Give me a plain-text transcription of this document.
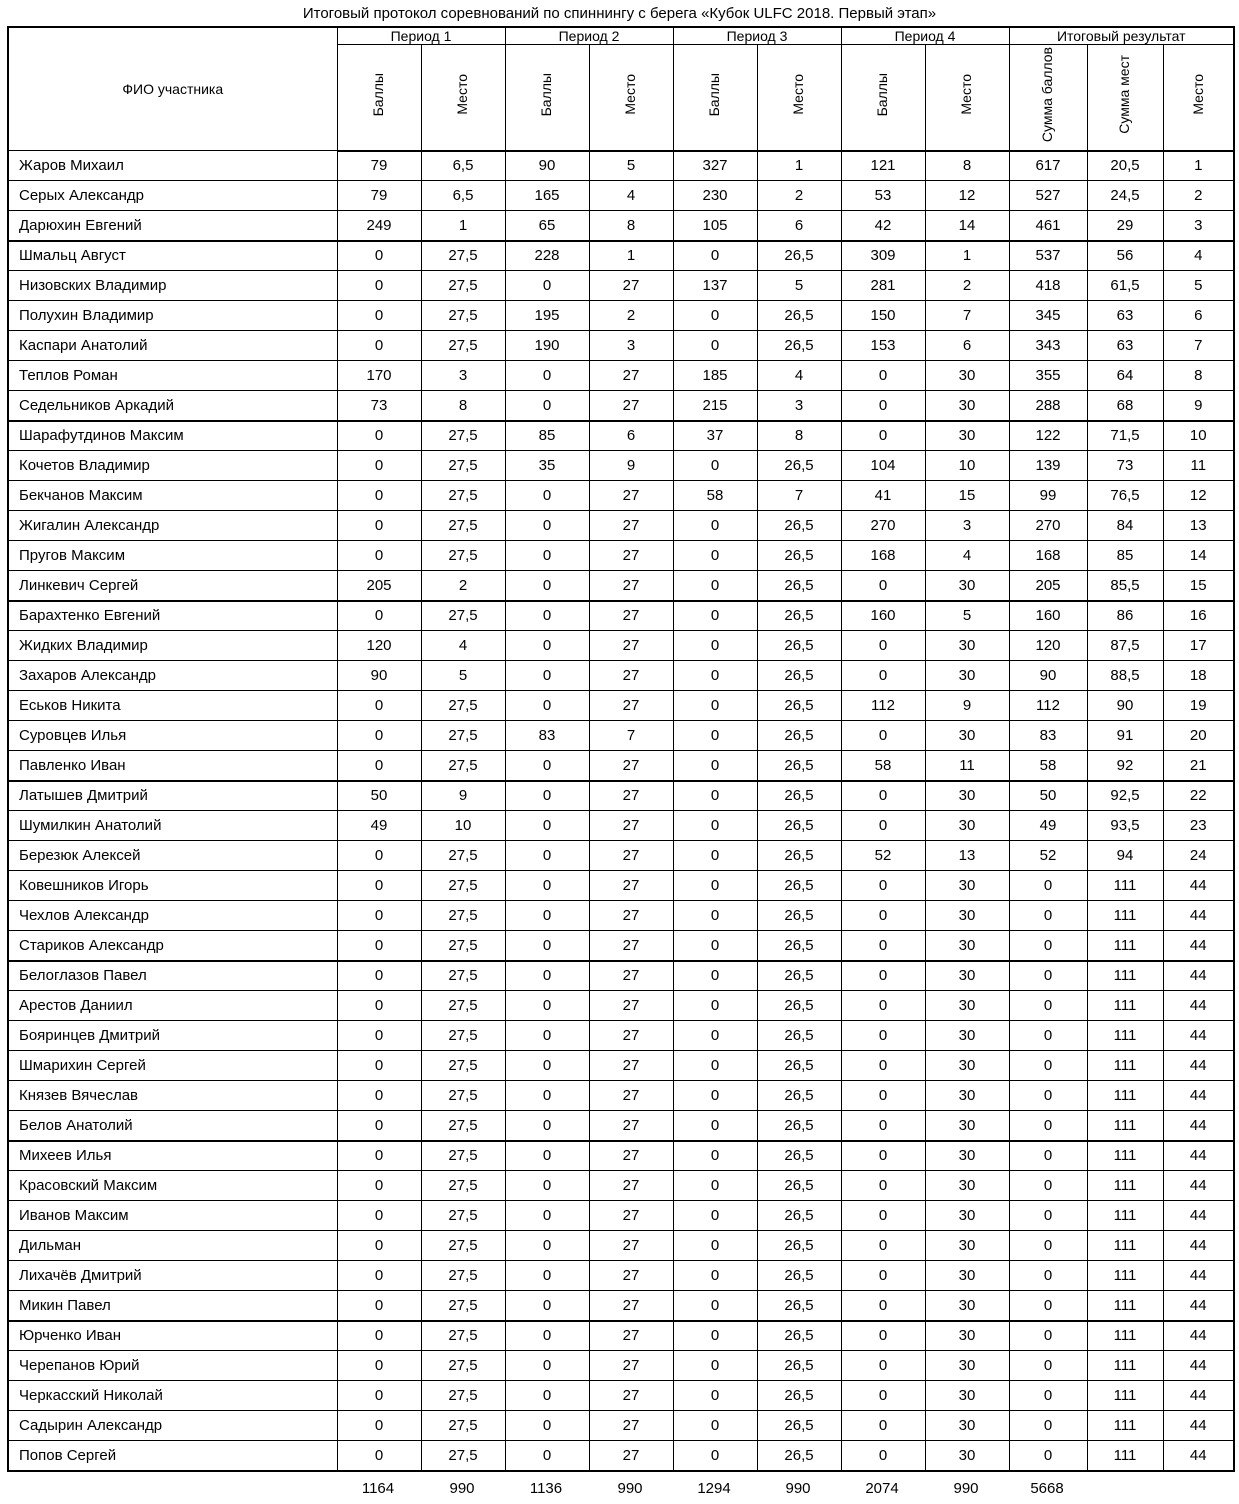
Итоговый протокол соревнований по спиннингу с берега «Кубок ULFC 2018. Первый этап»
ФИО участника	Период 1		Период 2		Период 3		Период 4		Итоговый результат		
	Баллы	Место	Баллы	Место	Баллы	Место	Баллы	Место	Сумма баллов	Сумма мест	Место
Жаров Михаил	79	6,5	90	5	327	1	121	8	617	20,5	1
Серых Александр	79	6,5	165	4	230	2	53	12	527	24,5	2
Дарюхин Евгений	249	1	65	8	105	6	42	14	461	29	3
Шмальц Август	0	27,5	228	1	0	26,5	309	1	537	56	4
Низовских Владимир	0	27,5	0	27	137	5	281	2	418	61,5	5
Полухин Владимир	0	27,5	195	2	0	26,5	150	7	345	63	6
Каспари Анатолий	0	27,5	190	3	0	26,5	153	6	343	63	7
Теплов Роман	170	3	0	27	185	4	0	30	355	64	8
Седельников Аркадий	73	8	0	27	215	3	0	30	288	68	9
Шарафутдинов Максим	0	27,5	85	6	37	8	0	30	122	71,5	10
Кочетов Владимир	0	27,5	35	9	0	26,5	104	10	139	73	11
Бекчанов Максим	0	27,5	0	27	58	7	41	15	99	76,5	12
Жигалин Александр	0	27,5	0	27	0	26,5	270	3	270	84	13
Пругов Максим	0	27,5	0	27	0	26,5	168	4	168	85	14
Линкевич Сергей	205	2	0	27	0	26,5	0	30	205	85,5	15
Барахтенко Евгений	0	27,5	0	27	0	26,5	160	5	160	86	16
Жидких Владимир	120	4	0	27	0	26,5	0	30	120	87,5	17
Захаров Александр	90	5	0	27	0	26,5	0	30	90	88,5	18
Еськов Никита	0	27,5	0	27	0	26,5	112	9	112	90	19
Суровцев Илья	0	27,5	83	7	0	26,5	0	30	83	91	20
Павленко Иван	0	27,5	0	27	0	26,5	58	11	58	92	21
Латышев Дмитрий	50	9	0	27	0	26,5	0	30	50	92,5	22
Шумилкин Анатолий	49	10	0	27	0	26,5	0	30	49	93,5	23
Березюк Алексей	0	27,5	0	27	0	26,5	52	13	52	94	24
Ковешников Игорь	0	27,5	0	27	0	26,5	0	30	0	111	44
Чехлов Александр	0	27,5	0	27	0	26,5	0	30	0	111	44
Стариков Александр	0	27,5	0	27	0	26,5	0	30	0	111	44
Белоглазов Павел	0	27,5	0	27	0	26,5	0	30	0	111	44
Арестов Даниил	0	27,5	0	27	0	26,5	0	30	0	111	44
Бояринцев Дмитрий	0	27,5	0	27	0	26,5	0	30	0	111	44
Шмарихин Сергей	0	27,5	0	27	0	26,5	0	30	0	111	44
Князев Вячеслав	0	27,5	0	27	0	26,5	0	30	0	111	44
Белов Анатолий	0	27,5	0	27	0	26,5	0	30	0	111	44
Михеев Илья	0	27,5	0	27	0	26,5	0	30	0	111	44
Красовский Максим	0	27,5	0	27	0	26,5	0	30	0	111	44
Иванов Максим	0	27,5	0	27	0	26,5	0	30	0	111	44
Дильман	0	27,5	0	27	0	26,5	0	30	0	111	44
Лихачёв Дмитрий	0	27,5	0	27	0	26,5	0	30	0	111	44
Микин Павел	0	27,5	0	27	0	26,5	0	30	0	111	44
Юрченко Иван	0	27,5	0	27	0	26,5	0	30	0	111	44
Черепанов Юрий	0	27,5	0	27	0	26,5	0	30	0	111	44
Черкасский Николай	0	27,5	0	27	0	26,5	0	30	0	111	44
Садырин Александр	0	27,5	0	27	0	26,5	0	30	0	111	44
Попов Сергей	0	27,5	0	27	0	26,5	0	30	0	111	44
	1164	990	1136	990	1294	990	2074	990	5668		
